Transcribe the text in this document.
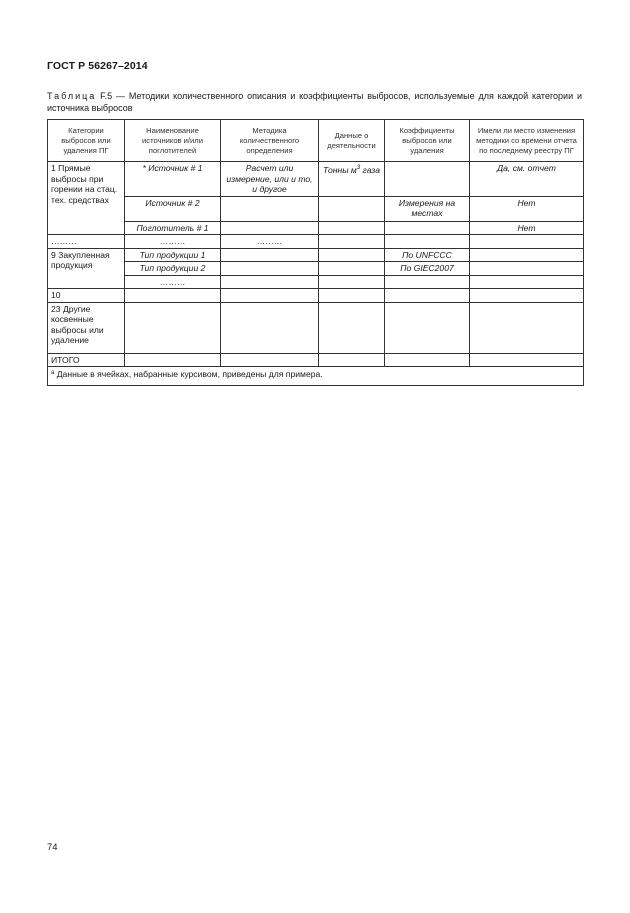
ГОСТ Р 56267–2014
Таблица F.5 — Методики количественного описания и коэффициенты выбросов, используемые для каждой категории и источника выбросов
Категории выбросов или удаления ПГ	Наименование источников и/или поглотителей	Методика количественного определения	Данные о деятельности	Коэффициенты выбросов или удаления	Имели ли место изменения методики со времени отчета по последнему реестру ПГ
1 Прямые выбросы при горении на стац. тех. средствах	* Источник # 1	Расчет или измерение, или и то, и другое	Тонны $м^3$ газа		Да, см. отчет
	Источник # 2			Измерения на местах	Нет
	Поглотитель # 1				Нет
………	………	………			
9 Закупленная продукция	Тип продукции 1			По UNFCCC	
	Тип продукции 2			По GIEC2007	
	………				
10					
23 Другие косвенные выбросы или удаление					
ИТОГО					
$^a$ Данные в ячейках, набранные курсивом, приведены для примера.					
74
